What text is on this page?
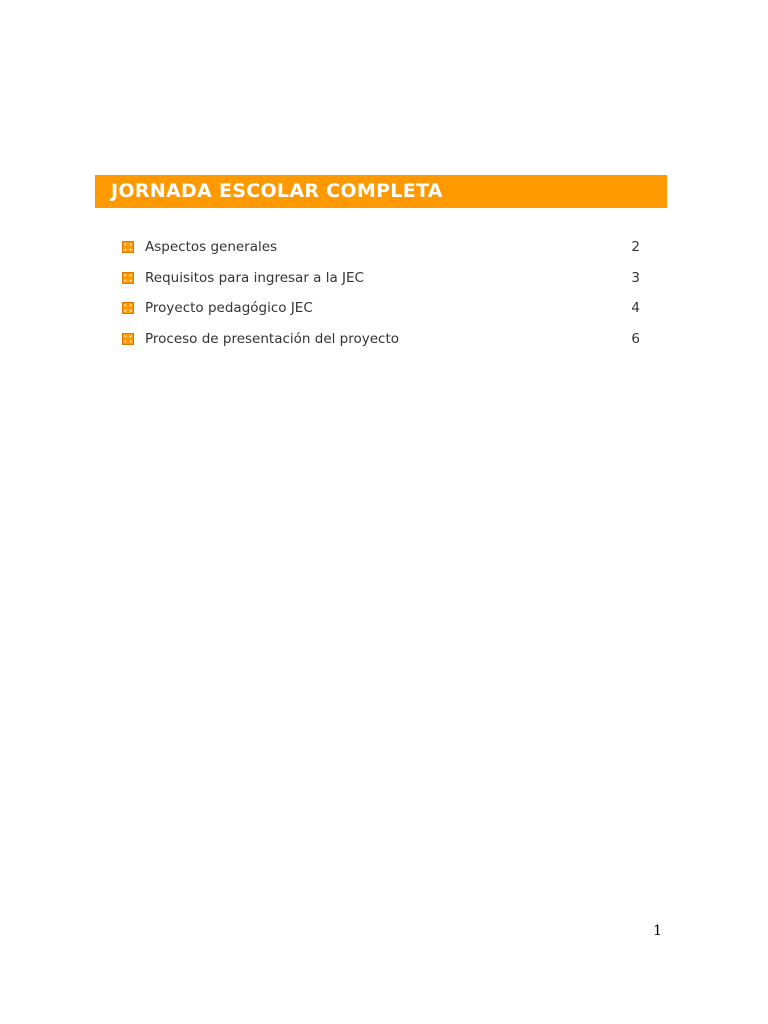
JORNADA ESCOLAR COMPLETA
Aspectos generales	2
Requisitos para ingresar a la JEC	3
Proyecto pedagógico JEC	4
Proceso de presentación del proyecto	6
1
